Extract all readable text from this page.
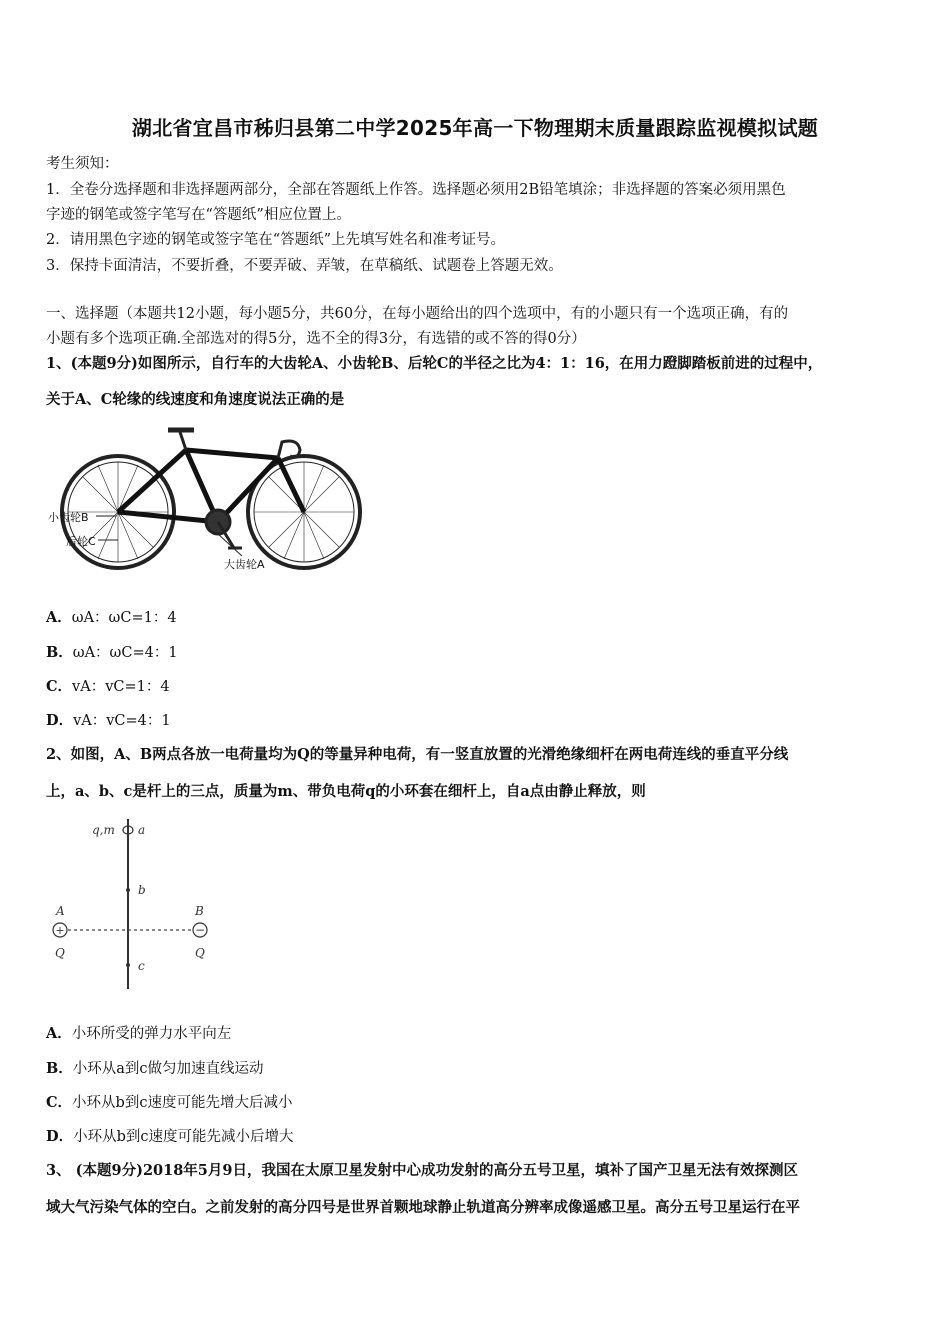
湖北省宜昌市秭归县第二中学2025年高一下物理期末质量跟踪监视模拟试题
考生须知：
1．全卷分选择题和非选择题两部分，全部在答题纸上作答。选择题必须用2B铅笔填涂；非选择题的答案必须用黑色
字迹的钢笔或签字笔写在“答题纸”相应位置上。
2．请用黑色字迹的钢笔或签字笔在“答题纸”上先填写姓名和准考证号。
3．保持卡面清洁，不要折叠，不要弄破、弄皱，在草稿纸、试题卷上答题无效。
一、选择题（本题共12小题，每小题5分，共60分，在每小题给出的四个选项中，有的小题只有一个选项正确，有的
小题有多个选项正确.全部选对的得5分，选不全的得3分，有选错的或不答的得0分）
1、(本题9分)如图所示，自行车的大齿轮A、小齿轮B、后轮C的半径之比为4：1：16，在用力蹬脚踏板前进的过程中，
关于A、C轮缘的线速度和角速度说法正确的是
小齿轮B
后轮C
大齿轮A
A．ωA：ωC=1：4
B．ωA：ωC=4：1
C．vA：vC=1：4
D．vA：vC=4：1
2、如图，A、B两点各放一电荷量均为Q的等量异种电荷，有一竖直放置的光滑绝缘细杆在两电荷连线的垂直平分线
上，a、b、c是杆上的三点，质量为m、带负电荷q的小环套在细杆上，自a点由静止释放，则
+	−
q,m a
b
c
A	B
Q	Q
A．小环所受的弹力水平向左
B．小环从a到c做匀加速直线运动
C．小环从b到c速度可能先增大后减小
D．小环从b到c速度可能先减小后增大
3、 (本题9分)2018年5月9日，我国在太原卫星发射中心成功发射的高分五号卫星，填补了国产卫星无法有效探测区
域大气污染气体的空白。之前发射的高分四号是世界首颗地球静止轨道高分辨率成像遥感卫星。高分五号卫星运行在平
